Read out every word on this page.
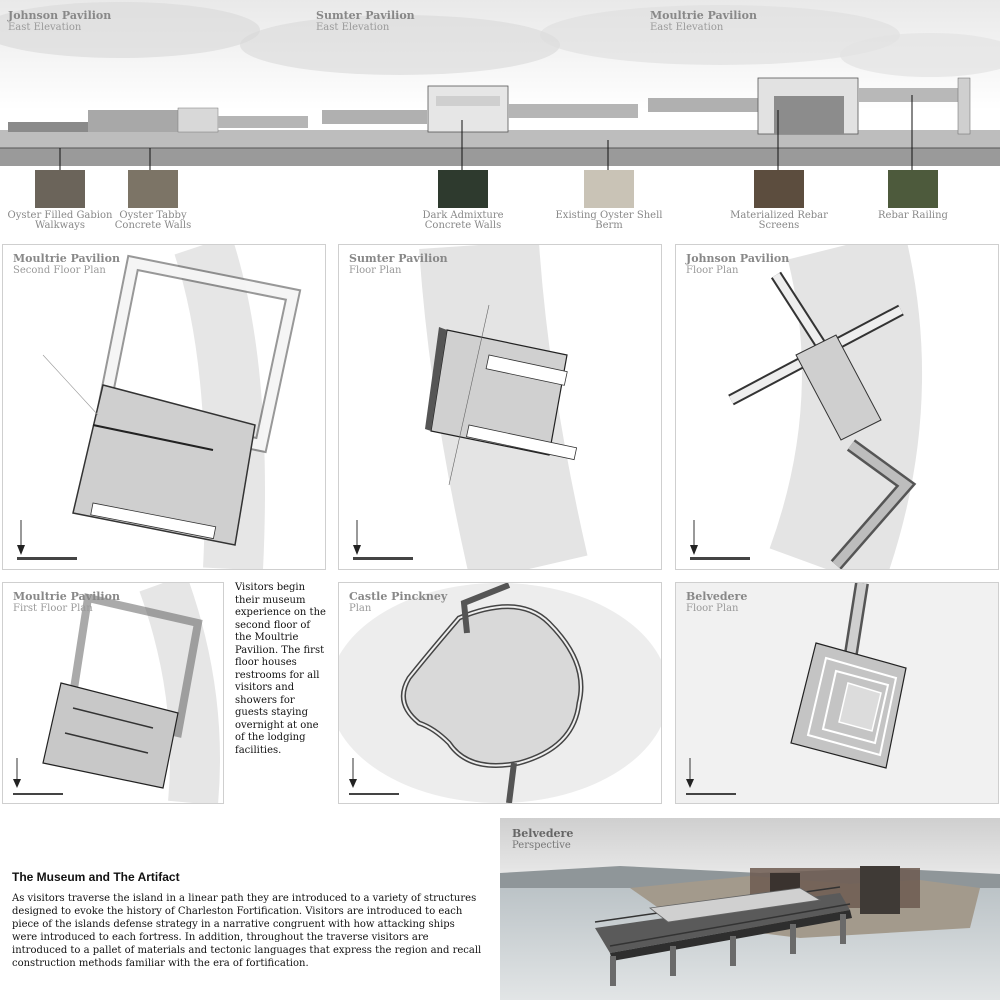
Johnson Pavilion
East Elevation
Sumter Pavilion
East Elevation
Moultrie Pavilion
East Elevation
Oyster Filled Gabion Walkways
Oyster Tabby Concrete Walls
Dark Admixture Concrete Walls
Existing Oyster Shell Berm
Materialized Rebar Screens
Rebar Railing
Moultrie Pavilion
Second Floor Plan
Sumter Pavilion
Floor Plan
Johnson Pavilion
Floor Plan
Moultrie Pavilion
First Floor Plan
Visitors begin their museum experience on the second floor of the Moultrie Pavilion. The first floor houses restrooms for all visitors and showers for guests staying overnight at one of the lodging facilities.
Castle Pinckney
Plan
Belvedere
Floor Plan
Belvedere
Perspective
The Museum and The Artifact
As visitors traverse the island in a linear path they are introduced to a variety of structures designed to evoke the history of Charleston Fortification. Visitors are introduced to each piece of the islands defense strategy in a narrative congruent with how attacking ships were introduced to each fortress. In addition, throughout the traverse visitors are introduced to a pallet of materials and tectonic languages that express the region and recall construction methods familiar with the era of fortification.
